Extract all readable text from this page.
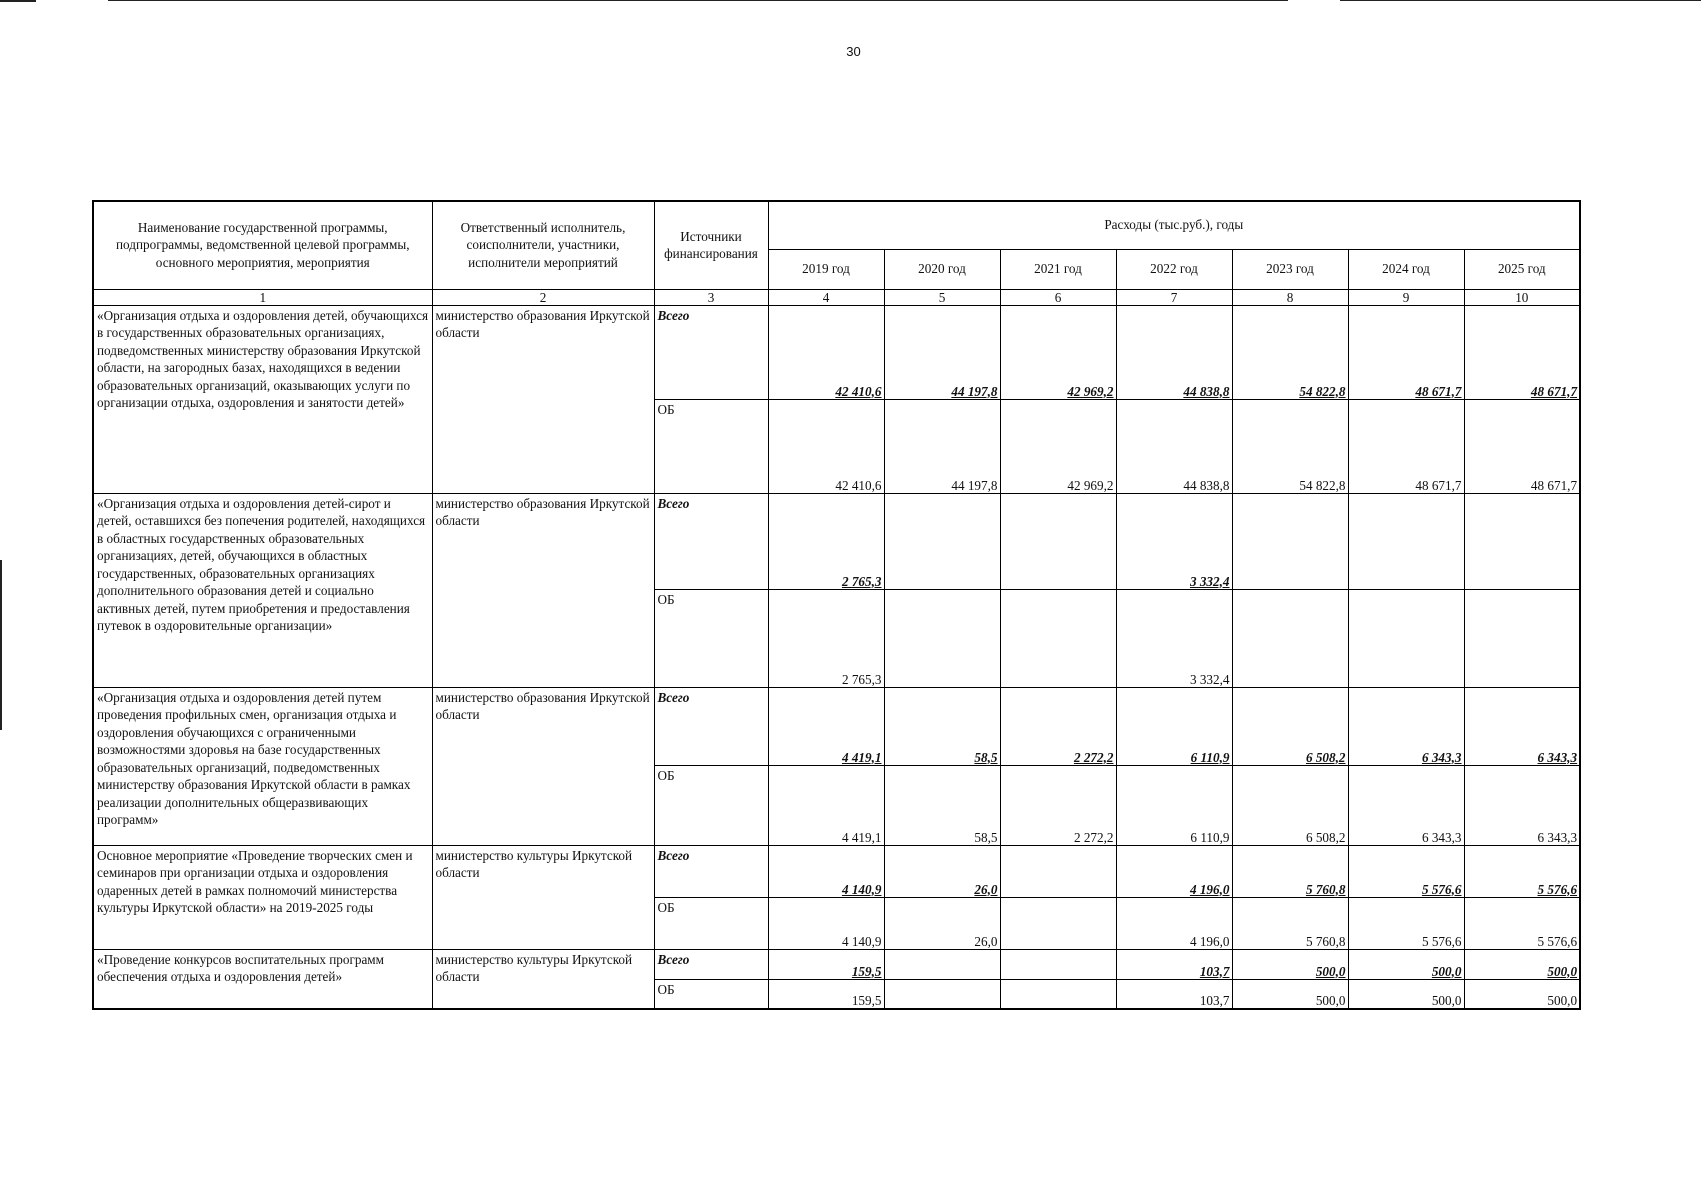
30
Наименование государственной программы, подпрограммы, ведомственной целевой программы, основного мероприятия, мероприятия	Ответственный исполнитель, соисполнители, участники, исполнители мероприятий	Источники финансирования	Расходы (тыс.руб.), годы						
			2019 год	2020 год	2021 год	2022 год	2023 год	2024 год	2025 год
1	2	3	4	5	6	7	8	9	10
«Организация отдыха и оздоровления детей, обучающихся в государственных образовательных организациях, подведомственных министерству образования Иркутской области, на загородных базах, находящихся в ведении образовательных организаций, оказывающих услуги по организации отдыха, оздоровления и занятости детей»	министерство образования Иркутской области	Всего	42 410,6	44 197,8	42 969,2	44 838,8	54 822,8	48 671,7	48 671,7
		ОБ	42 410,6	44 197,8	42 969,2	44 838,8	54 822,8	48 671,7	48 671,7
«Организация отдыха и оздоровления детей-сирот и детей, оставшихся без попечения родителей, находящихся в областных государственных образовательных организациях, детей, обучающихся в областных государственных, образовательных организациях дополнительного образования детей и социально активных детей, путем приобретения и предоставления путевок в оздоровительные организации»	министерство образования Иркутской области	Всего	2 765,3			3 332,4			
		ОБ	2 765,3			3 332,4			
«Организация отдыха и оздоровления детей путем проведения профильных смен, организация отдыха и оздоровления обучающихся с ограниченными возможностями здоровья на базе государственных образовательных организаций, подведомственных министерству образования Иркутской области в рамках реализации дополнительных общеразвивающих программ»	министерство образования Иркутской области	Всего	4 419,1	58,5	2 272,2	6 110,9	6 508,2	6 343,3	6 343,3
		ОБ	4 419,1	58,5	2 272,2	6 110,9	6 508,2	6 343,3	6 343,3
Основное мероприятие «Проведение творческих смен и семинаров при организации отдыха и оздоровления одаренных детей в рамках полномочий министерства культуры Иркутской области» на 2019-2025 годы	министерство культуры Иркутской области	Всего	4 140,9	26,0		4 196,0	5 760,8	5 576,6	5 576,6
		ОБ	4 140,9	26,0		4 196,0	5 760,8	5 576,6	5 576,6
«Проведение конкурсов воспитательных программ обеспечения отдыха и оздоровления детей»	министерство культуры Иркутской области	Всего	159,5			103,7	500,0	500,0	500,0
		ОБ	159,5			103,7	500,0	500,0	500,0
